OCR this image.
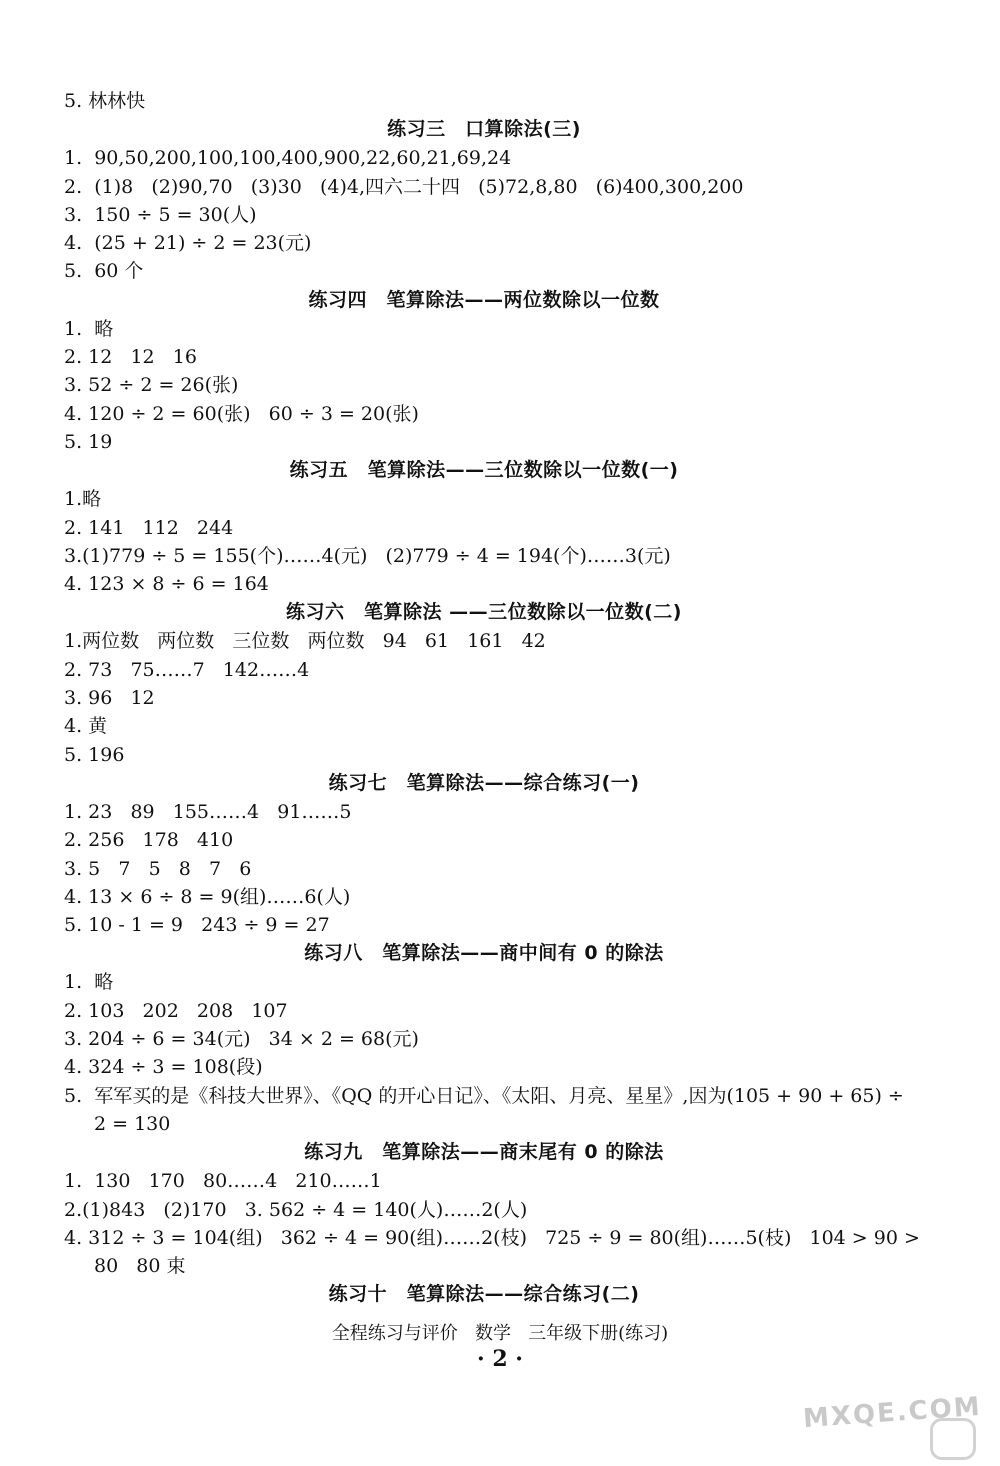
5. 林林快
练习三　口算除法(三)
1.  90,50,200,100,100,400,900,22,60,21,69,24
2.  (1)8   (2)90,70   (3)30   (4)4,四六二十四   (5)72,8,80   (6)400,300,200
3.  150 ÷ 5 = 30(人)
4.  (25 + 21) ÷ 2 = 23(元)
5.  60 个
练习四　笔算除法——两位数除以一位数
1.  略
2. 12   12   16
3. 52 ÷ 2 = 26(张)
4. 120 ÷ 2 = 60(张)   60 ÷ 3 = 20(张)
5. 19
练习五　笔算除法——三位数除以一位数(一)
1.略
2. 141   112   244
3.(1)779 ÷ 5 = 155(个)……4(元)   (2)779 ÷ 4 = 194(个)……3(元)
4. 123 × 8 ÷ 6 = 164
练习六　笔算除法 ——三位数除以一位数(二)
1.两位数   两位数   三位数   两位数   94   61   161   42
2. 73   75……7   142……4
3. 96   12
4. 黄
5. 196
练习七　笔算除法——综合练习(一)
1. 23   89   155……4   91……5
2. 256   178   410
3. 5   7   5   8   7   6
4. 13 × 6 ÷ 8 = 9(组)……6(人)
5. 10 - 1 = 9   243 ÷ 9 = 27
练习八　笔算除法——商中间有 0 的除法
1.  略
2. 103   202   208   107
3. 204 ÷ 6 = 34(元)   34 × 2 = 68(元)
4. 324 ÷ 3 = 108(段)
5.  军军买的是《科技大世界》、《QQ 的开心日记》、《太阳、月亮、星星》,因为(105 + 90 + 65) ÷
2 = 130
练习九　笔算除法——商末尾有 0 的除法
1.  130   170   80……4   210……1
2.(1)843   (2)170   3. 562 ÷ 4 = 140(人)……2(人)
4. 312 ÷ 3 = 104(组)   362 ÷ 4 = 90(组)……2(枝)   725 ÷ 9 = 80(组)……5(枝)   104 > 90 >
80   80 束
练习十　笔算除法——综合练习(二)
全程练习与评价   数学   三年级下册(练习)
· 2 ·
MXQE.COM
